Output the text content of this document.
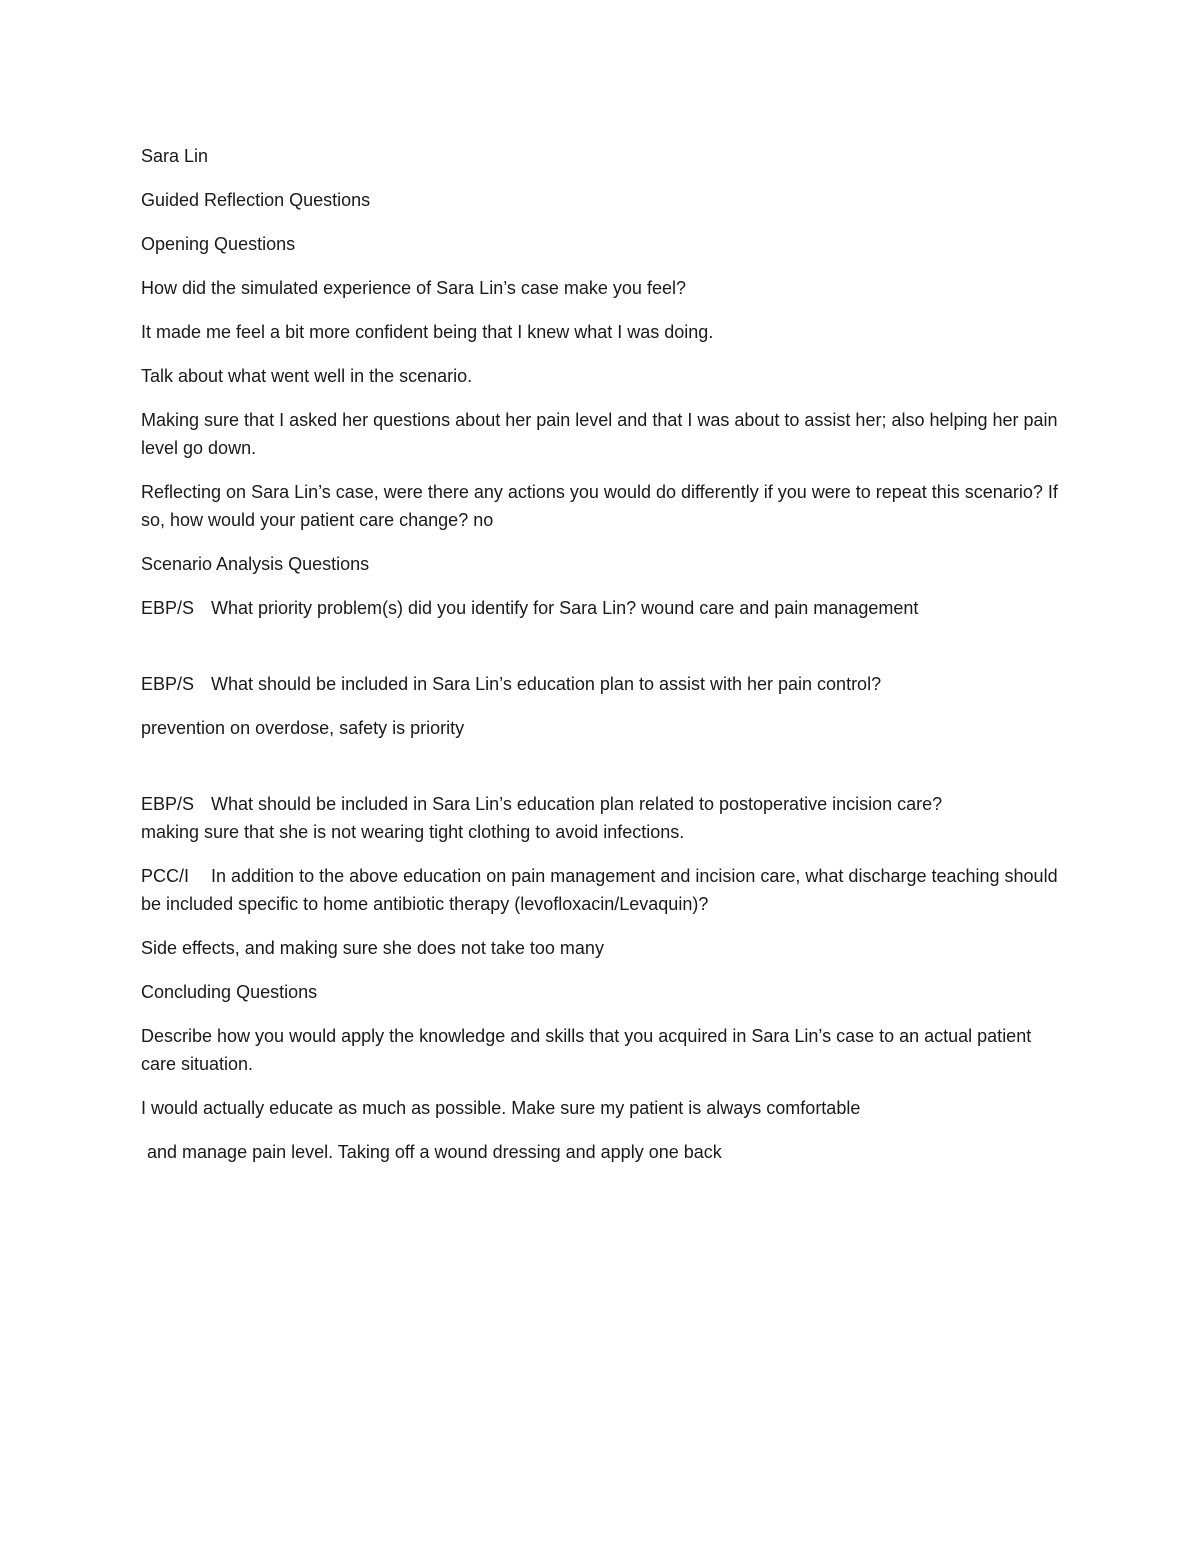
Sara Lin

Guided Reflection Questions

Opening Questions

How did the simulated experience of Sara Lin’s case make you feel?

It made me feel a bit more confident being that I knew what I was doing.

Talk about what went well in the scenario.

Making sure that I asked her questions about her pain level and that I was about to assist her; also helping her pain level go down.

Reflecting on Sara Lin’s case, were there any actions you would do differently if you were to repeat this scenario? If so, how would your patient care change? no

Scenario Analysis Questions

EBP/S What priority problem(s) did you identify for Sara Lin? wound care and pain management

EBP/S What should be included in Sara Lin’s education plan to assist with her pain control?

prevention on overdose, safety is priority

EBP/S What should be included in Sara Lin’s education plan related to postoperative incision care?
making sure that she is not wearing tight clothing to avoid infections.

PCC/I In addition to the above education on pain management and incision care, what discharge teaching should be included specific to home antibiotic therapy (levofloxacin/Levaquin)?

Side effects, and making sure she does not take too many

Concluding Questions

Describe how you would apply the knowledge and skills that you acquired in Sara Lin’s case to an actual patient care situation.

I would actually educate as much as possible. Make sure my patient is always comfortable

and manage pain level. Taking off a wound dressing and apply one back
